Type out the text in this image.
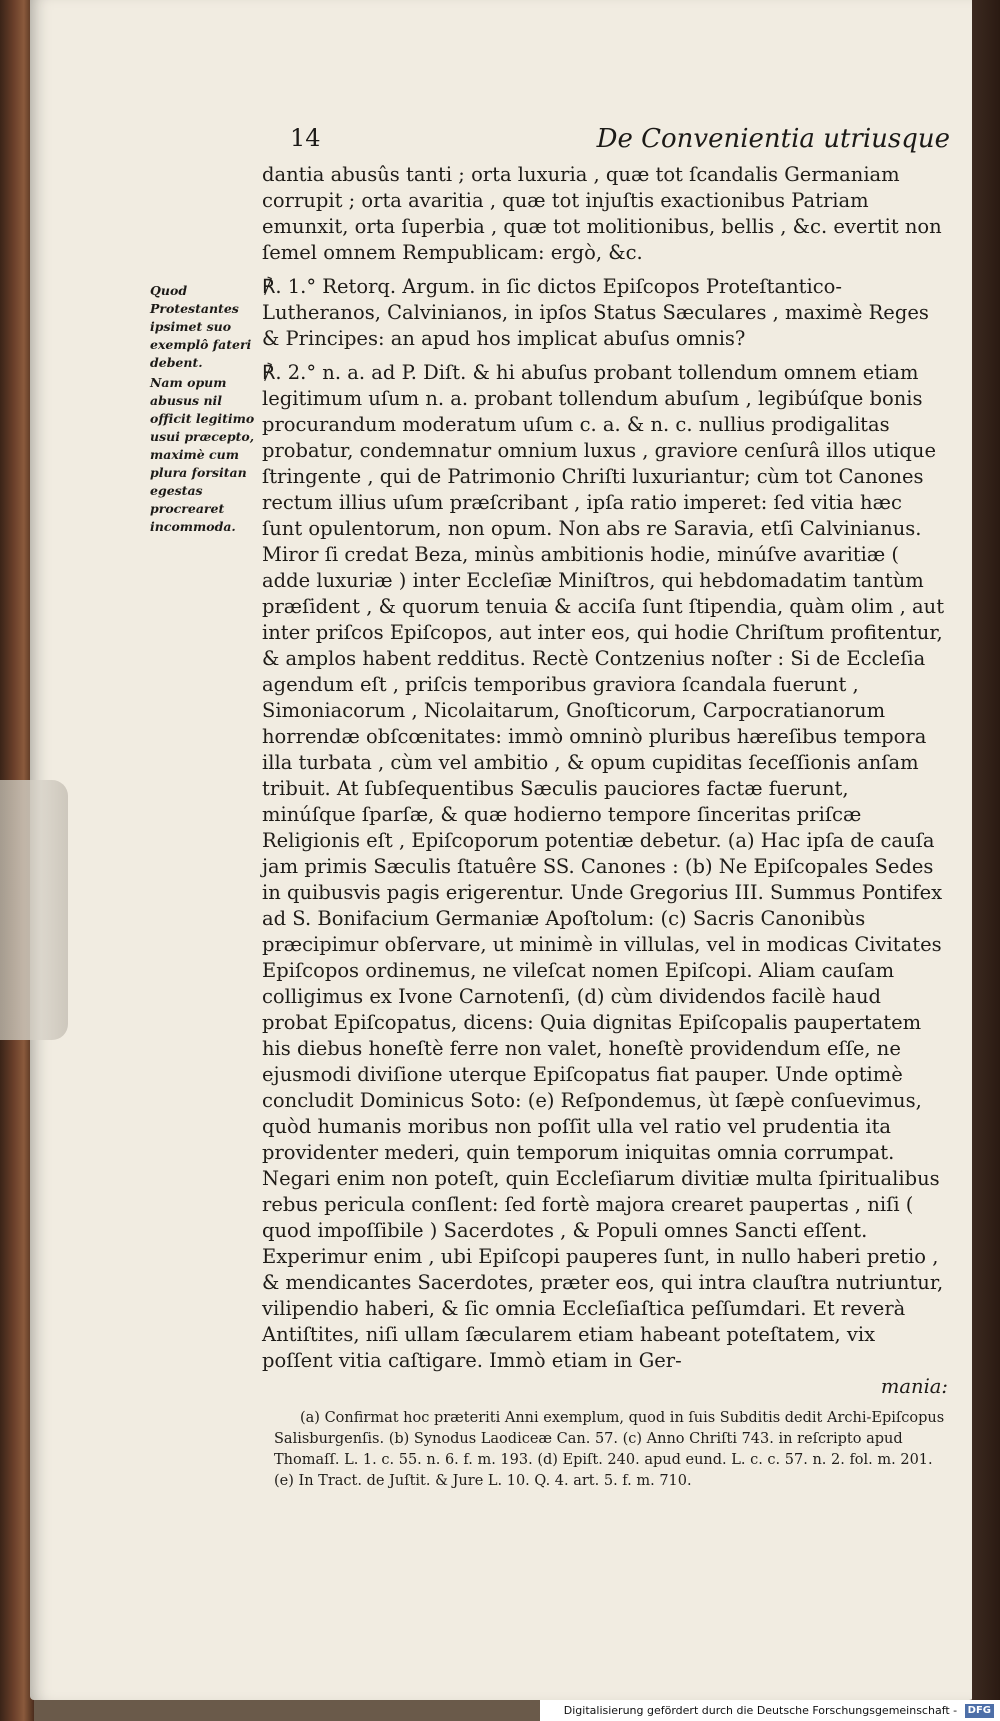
14	De Convenientia utriusque
Quod Protestantes ipsimet suo exemplô fateri debent.
Nam opum abusus nil officit legitimo usui præcepto, maximè cum plura forsitan egestas procrearet incommoda.

dantia abusûs tanti ; orta luxuria , quæ tot ſcandalis Germaniam corrupit ; orta avaritia , quæ tot injuſtis exactionibus Patriam emunxit, orta ſuperbia , quæ tot molitionibus, bellis , &c. evertit non ſemel omnem Rempublicam: ergò, &c.

℟. 1.° Retorq. Argum. in ſic dictos Epiſcopos Proteſtantico-Lutheranos, Calvinianos, in ipſos Status Sæculares , maximè Reges & Principes: an apud hos implicat abuſus omnis?

℟. 2.° n. a. ad P. Diſt. & hi abuſus probant tollendum omnem etiam legitimum uſum n. a. probant tollendum abuſum , legibúſque bonis procurandum moderatum uſum c. a. & n. c. nullius prodigalitas probatur, condemnatur omnium luxus , graviore cenſurâ illos utique ſtringente , qui de Patrimonio Chriſti luxuriantur; cùm tot Canones rectum illius uſum præſcribant , ipſa ratio imperet: ſed vitia hæc ſunt opulentorum, non opum. Non abs re Saravia, etſi Calvinianus. Miror ſi credat Beza, minùs ambitionis hodie, minúſve avaritiæ ( adde luxuriæ ) inter Eccleſiæ Miniſtros, qui hebdomadatim tantùm præſident , & quorum tenuia & acciſa ſunt ſtipendia, quàm olim , aut inter priſcos Epiſcopos, aut inter eos, qui hodie Chriſtum profitentur, & amplos habent redditus. Rectè Contzenius noſter : Si de Eccleſia agendum eſt , priſcis temporibus graviora ſcandala fuerunt , Simoniacorum , Nicolaitarum, Gnoſticorum, Carpocratianorum horrendæ obſcœnitates: immò omninò pluribus hæreſibus tempora illa turbata , cùm vel ambitio , & opum cupiditas ſeceſſionis anſam tribuit. At ſubſequentibus Sæculis pauciores factæ fuerunt, minúſque ſparſæ, & quæ hodierno tempore ſinceritas priſcæ Religionis eſt , Epiſcoporum potentiæ debetur. (a) Hac ipſa de cauſa jam primis Sæculis ſtatuêre SS. Canones : (b) Ne Epiſcopales Sedes in quibusvis pagis erigerentur. Unde Gregorius III. Summus Pontifex ad S. Bonifacium Germaniæ Apoſtolum: (c) Sacris Canonibùs præcipimur obſervare, ut minimè in villulas, vel in modicas Civitates Epiſcopos ordinemus, ne vileſcat nomen Epiſcopi. Aliam cauſam colligimus ex Ivone Carnotenſi, (d) cùm dividendos facilè haud probat Epiſcopatus, dicens: Quia dignitas Epiſcopalis paupertatem his diebus honeſtè ferre non valet, honeſtè providendum eſſe, ne ejusmodi diviſione uterque Epiſcopatus fiat pauper. Unde optimè concludit Dominicus Soto: (e) Reſpondemus, ùt ſæpè conſuevimus, quòd humanis moribus non poſſit ulla vel ratio vel prudentia ita providenter mederi, quin temporum iniquitas omnia corrumpat. Negari enim non poteſt, quin Eccleſiarum divitiæ multa ſpiritualibus rebus pericula conſlent: ſed fortè majora crearet paupertas , niſi ( quod impoſſibile ) Sacerdotes , & Populi omnes Sancti eſſent. Experimur enim , ubi Epiſcopi pauperes ſunt, in nullo haberi pretio , & mendicantes Sacerdotes, præter eos, qui intra clauſtra nutriuntur, vilipendio haberi, & ſic omnia Eccleſiaſtica peſſumdari. Et reverà Antiſtites, niſi ullam ſæcularem etiam habeant poteſtatem, vix poſſent vitia caſtigare. Immò etiam in Ger-

mania:

(a) Confirmat hoc præteriti Anni exemplum, quod in ſuis Subditis dedit Archi-Epiſcopus Salisburgenſis. (b) Synodus Laodiceæ Can. 57. (c) Anno Chriſti 743. in reſcripto apud Thomaſſ. L. 1. c. 55. n. 6. f. m. 193. (d) Epiſt. 240. apud eund. L. c. c. 57. n. 2. fol. m. 201. (e) In Tract. de Juſtit. & Jure L. 10. Q. 4. art. 5. f. m. 710.

Digitalisierung gefördert durch die Deutsche Forschungsgemeinschaft - DFG
